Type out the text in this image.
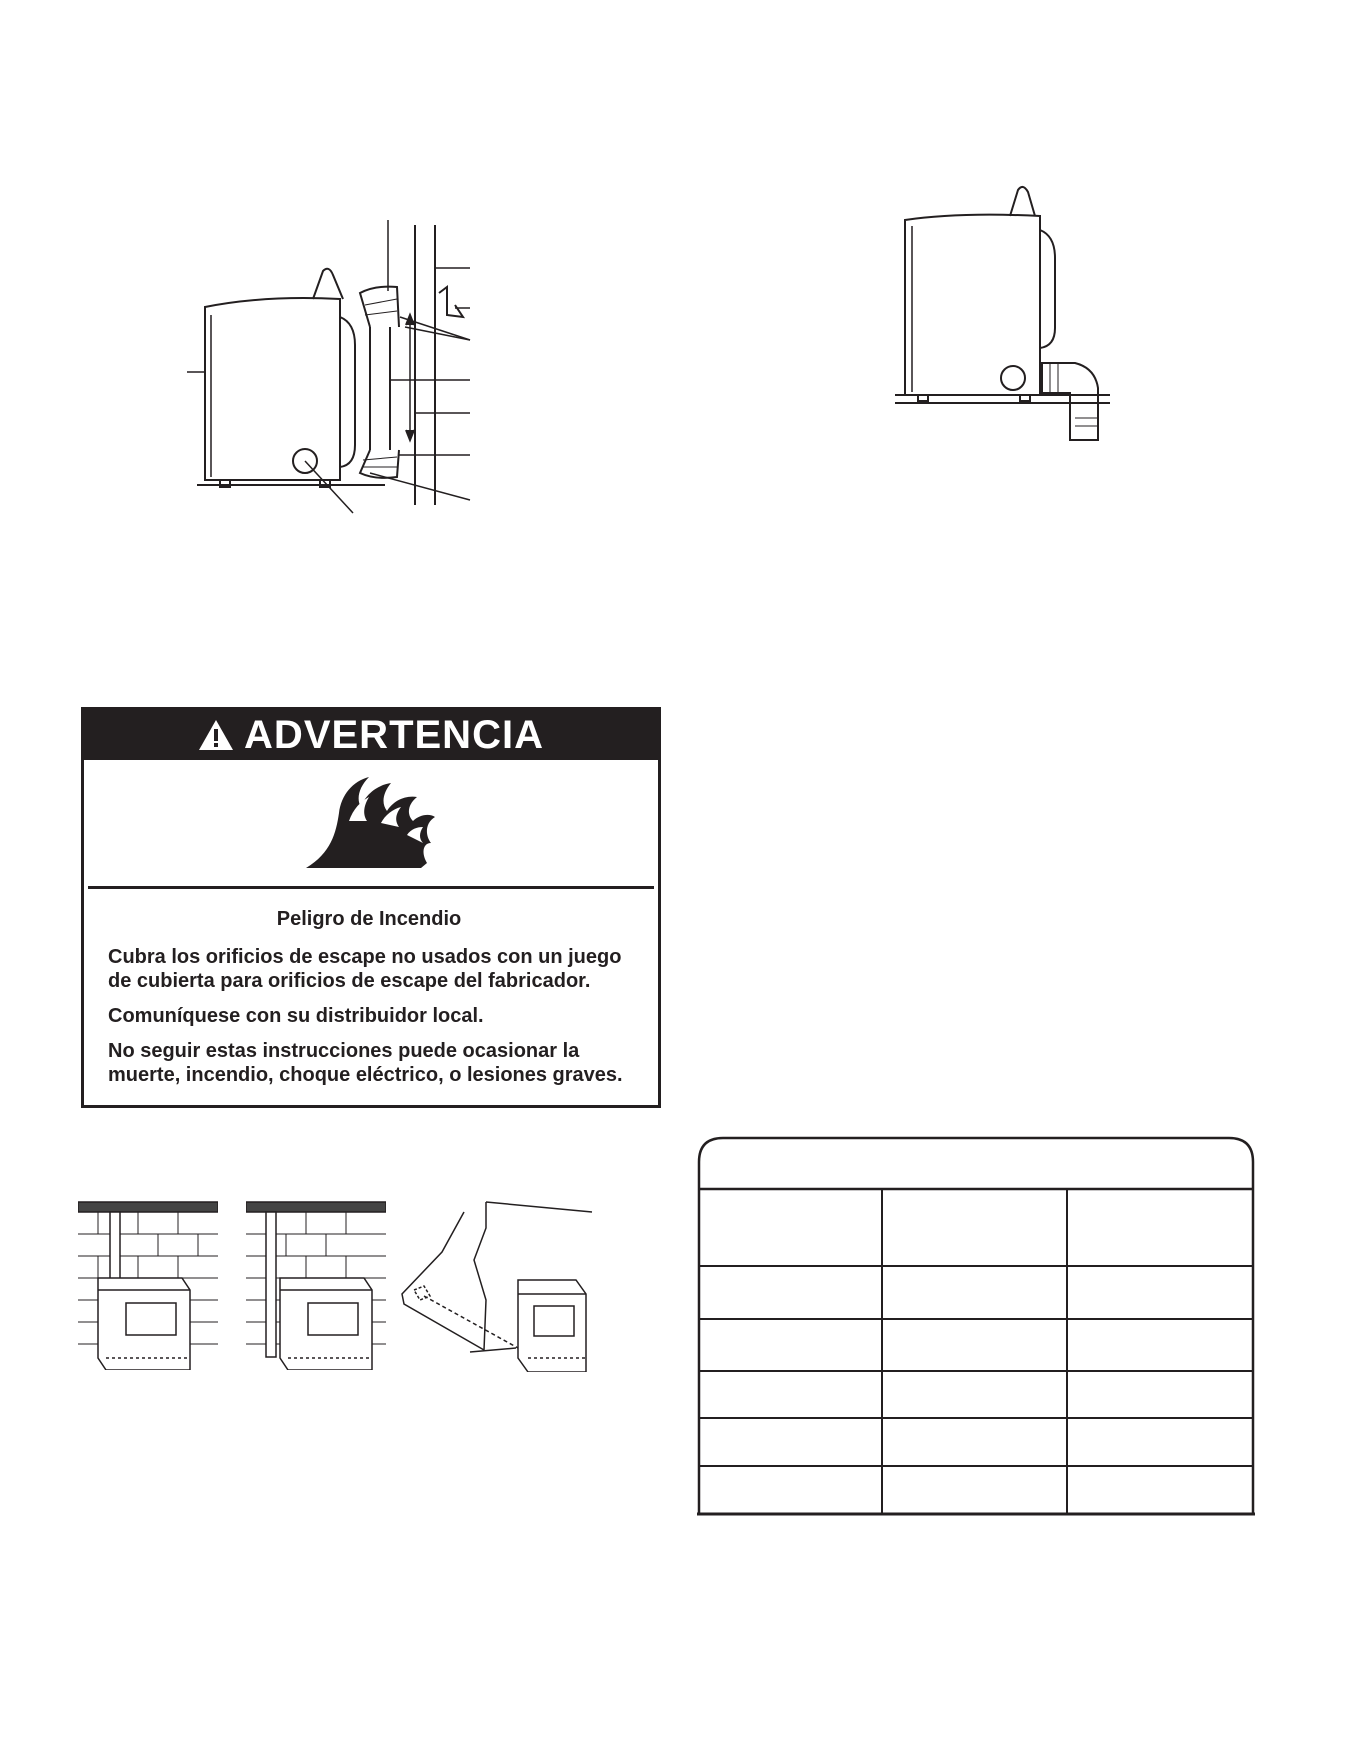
ADVERTENCIA
Peligro de Incendio

Cubra los orificios de escape no usados con un juego de cubierta para orificios de escape del fabricador.

Comuníquese con su distribuidor local.

No seguir estas instrucciones puede ocasionar la muerte, incendio, choque eléctrico, o lesiones graves.
